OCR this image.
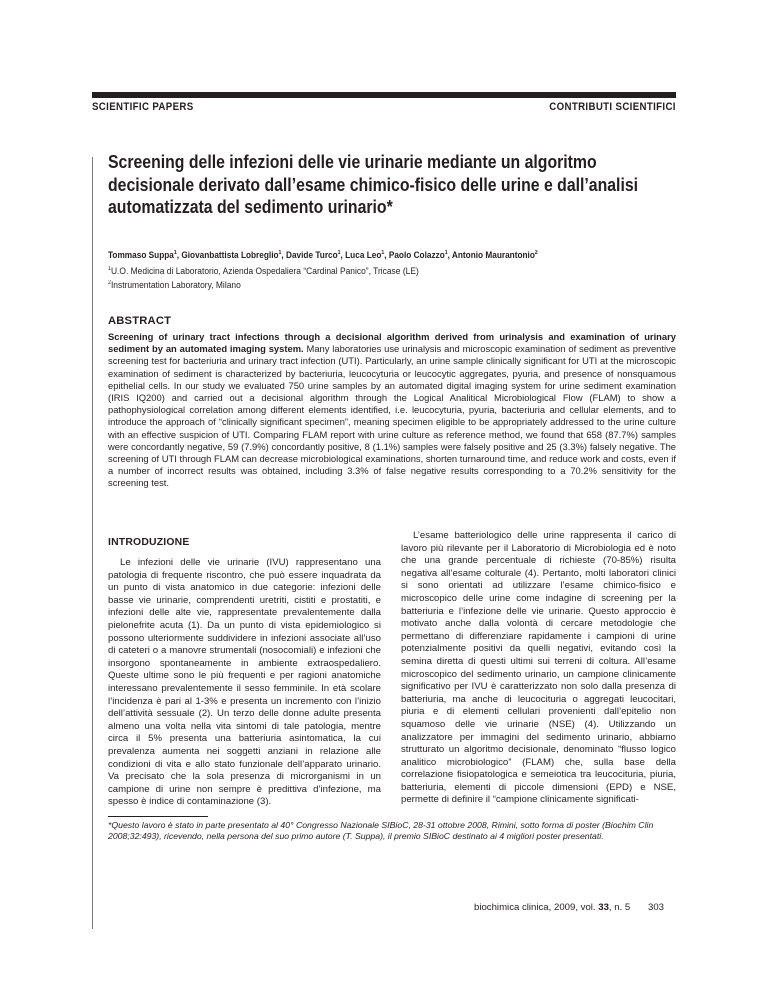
SCIENTIFIC PAPERS	CONTRIBUTI SCIENTIFICI
Screening delle infezioni delle vie urinarie mediante un algoritmo decisionale derivato dall’esame chimico-fisico delle urine e dall’analisi automatizzata del sedimento urinario*
Tommaso Suppa$^1$, Giovanbattista Lobreglio$^1$, Davide Turco$^1$, Luca Leo$^1$, Paolo Colazzo$^1$, Antonio Maurantonio$^2$
$^1$U.O. Medicina di Laboratorio, Azienda Ospedaliera “Cardinal Panico”, Tricase (LE)
$^2$Instrumentation Laboratory, Milano
ABSTRACT

Screening of urinary tract infections through a decisional algorithm derived from urinalysis and examination of urinary sediment by an automated imaging system. Many laboratories use urinalysis and microscopic examination of sediment as preventive screening test for bacteriuria and urinary tract infection (UTI). Particularly, an urine sample clinically significant for UTI at the microscopic examination of sediment is characterized by bacteriuria, leucocyturia or leucocytic aggregates, pyuria, and presence of nonsquamous epithelial cells. In our study we evaluated 750 urine samples by an automated digital imaging system for urine sediment examination (IRIS IQ200) and carried out a decisional algorithm through the Logical Analitical Microbiological Flow (FLAM) to show a pathophysiological correlation among different elements identified, i.e. leucocyturia, pyuria, bacteriuria and cellular elements, and to introduce the approach of “clinically significant specimen”, meaning specimen eligible to be appropriately addressed to the urine culture with an effective suspicion of UTI. Comparing FLAM report with urine culture as reference method, we found that 658 (87.7%) samples were concordantly negative, 59 (7.9%) concordantly positive, 8 (1.1%) samples were falsely positive and 25 (3.3%) falsely negative. The screening of UTI through FLAM can decrease microbiological examinations, shorten turnaround time, and reduce work and costs, even if a number of incorrect results was obtained, including 3.3% of false negative results corresponding to a 70.2% sensitivity for the screening test.

INTRODUZIONE

Le infezioni delle vie urinarie (IVU) rappresentano una patologia di frequente riscontro, che può essere inquadrata da un punto di vista anatomico in due categorie: infezioni delle basse vie urinarie, comprendenti uretriti, cistiti e prostatiti, e infezioni delle alte vie, rappresentate prevalentemente dalla pielonefrite acuta (1). Da un punto di vista epidemiologico si possono ulteriormente suddividere in infezioni associate all’uso di cateteri o a manovre strumentali (nosocomiali) e infezioni che insorgono spontaneamente in ambiente extraospedaliero. Queste ultime sono le più frequenti e per ragioni anatomiche interessano prevalentemente il sesso femminile. In età scolare l’incidenza è pari al 1-3% e presenta un incremento con l’inizio dell’attività sessuale (2). Un terzo delle donne adulte presenta almeno una volta nella vita sintomi di tale patologia, mentre circa il 5% presenta una batteriuria asintomatica, la cui prevalenza aumenta nei soggetti anziani in relazione alle condizioni di vita e allo stato funzionale dell’apparato urinario. Va precisato che la sola presenza di microrganismi in un campione di urine non sempre è predittiva d’infezione, ma spesso è indice di contaminazione (3).

L’esame batteriologico delle urine rappresenta il carico di lavoro più rilevante per il Laboratorio di Microbiologia ed è noto che una grande percentuale di richieste (70-85%) risulta negativa all’esame colturale (4). Pertanto, molti laboratori clinici si sono orientati ad utilizzare l’esame chimico-fisico e microscopico delle urine come indagine di screening per la batteriuria e l’infezione delle vie urinarie. Questo approccio è motivato anche dalla volontà di cercare metodologie che permettano di differenziare rapidamente i campioni di urine potenzialmente positivi da quelli negativi, evitando così la semina diretta di questi ultimi sui terreni di coltura. All’esame microscopico del sedimento urinario, un campione clinicamente significativo per IVU è caratterizzato non solo dalla presenza di batteriuria, ma anche di leucocituria o aggregati leucocitari, piuria e di elementi cellulari provenienti dall’epitelio non squamoso delle vie urinarie (NSE) (4). Utilizzando un analizzatore per immagini del sedimento urinario, abbiamo strutturato un algoritmo decisionale, denominato “flusso logico analitico microbiologico” (FLAM) che, sulla base della correlazione fisiopatologica e semeiotica tra leucocituria, piuria, batteriuria, elementi di piccole dimensioni (EPD) e NSE, permette di definire il “campione clinicamente significati-

*Questo lavoro è stato in parte presentato al 40° Congresso Nazionale SIBioC, 28-31 ottobre 2008, Rimini, sotto forma di poster (Biochim Clin 2008;32:493), ricevendo, nella persona del suo primo autore (T. Suppa), il premio SIBioC destinato ai 4 migliori poster presentati.

biochimica clinica, 2009, vol. 33, n. 5 303
